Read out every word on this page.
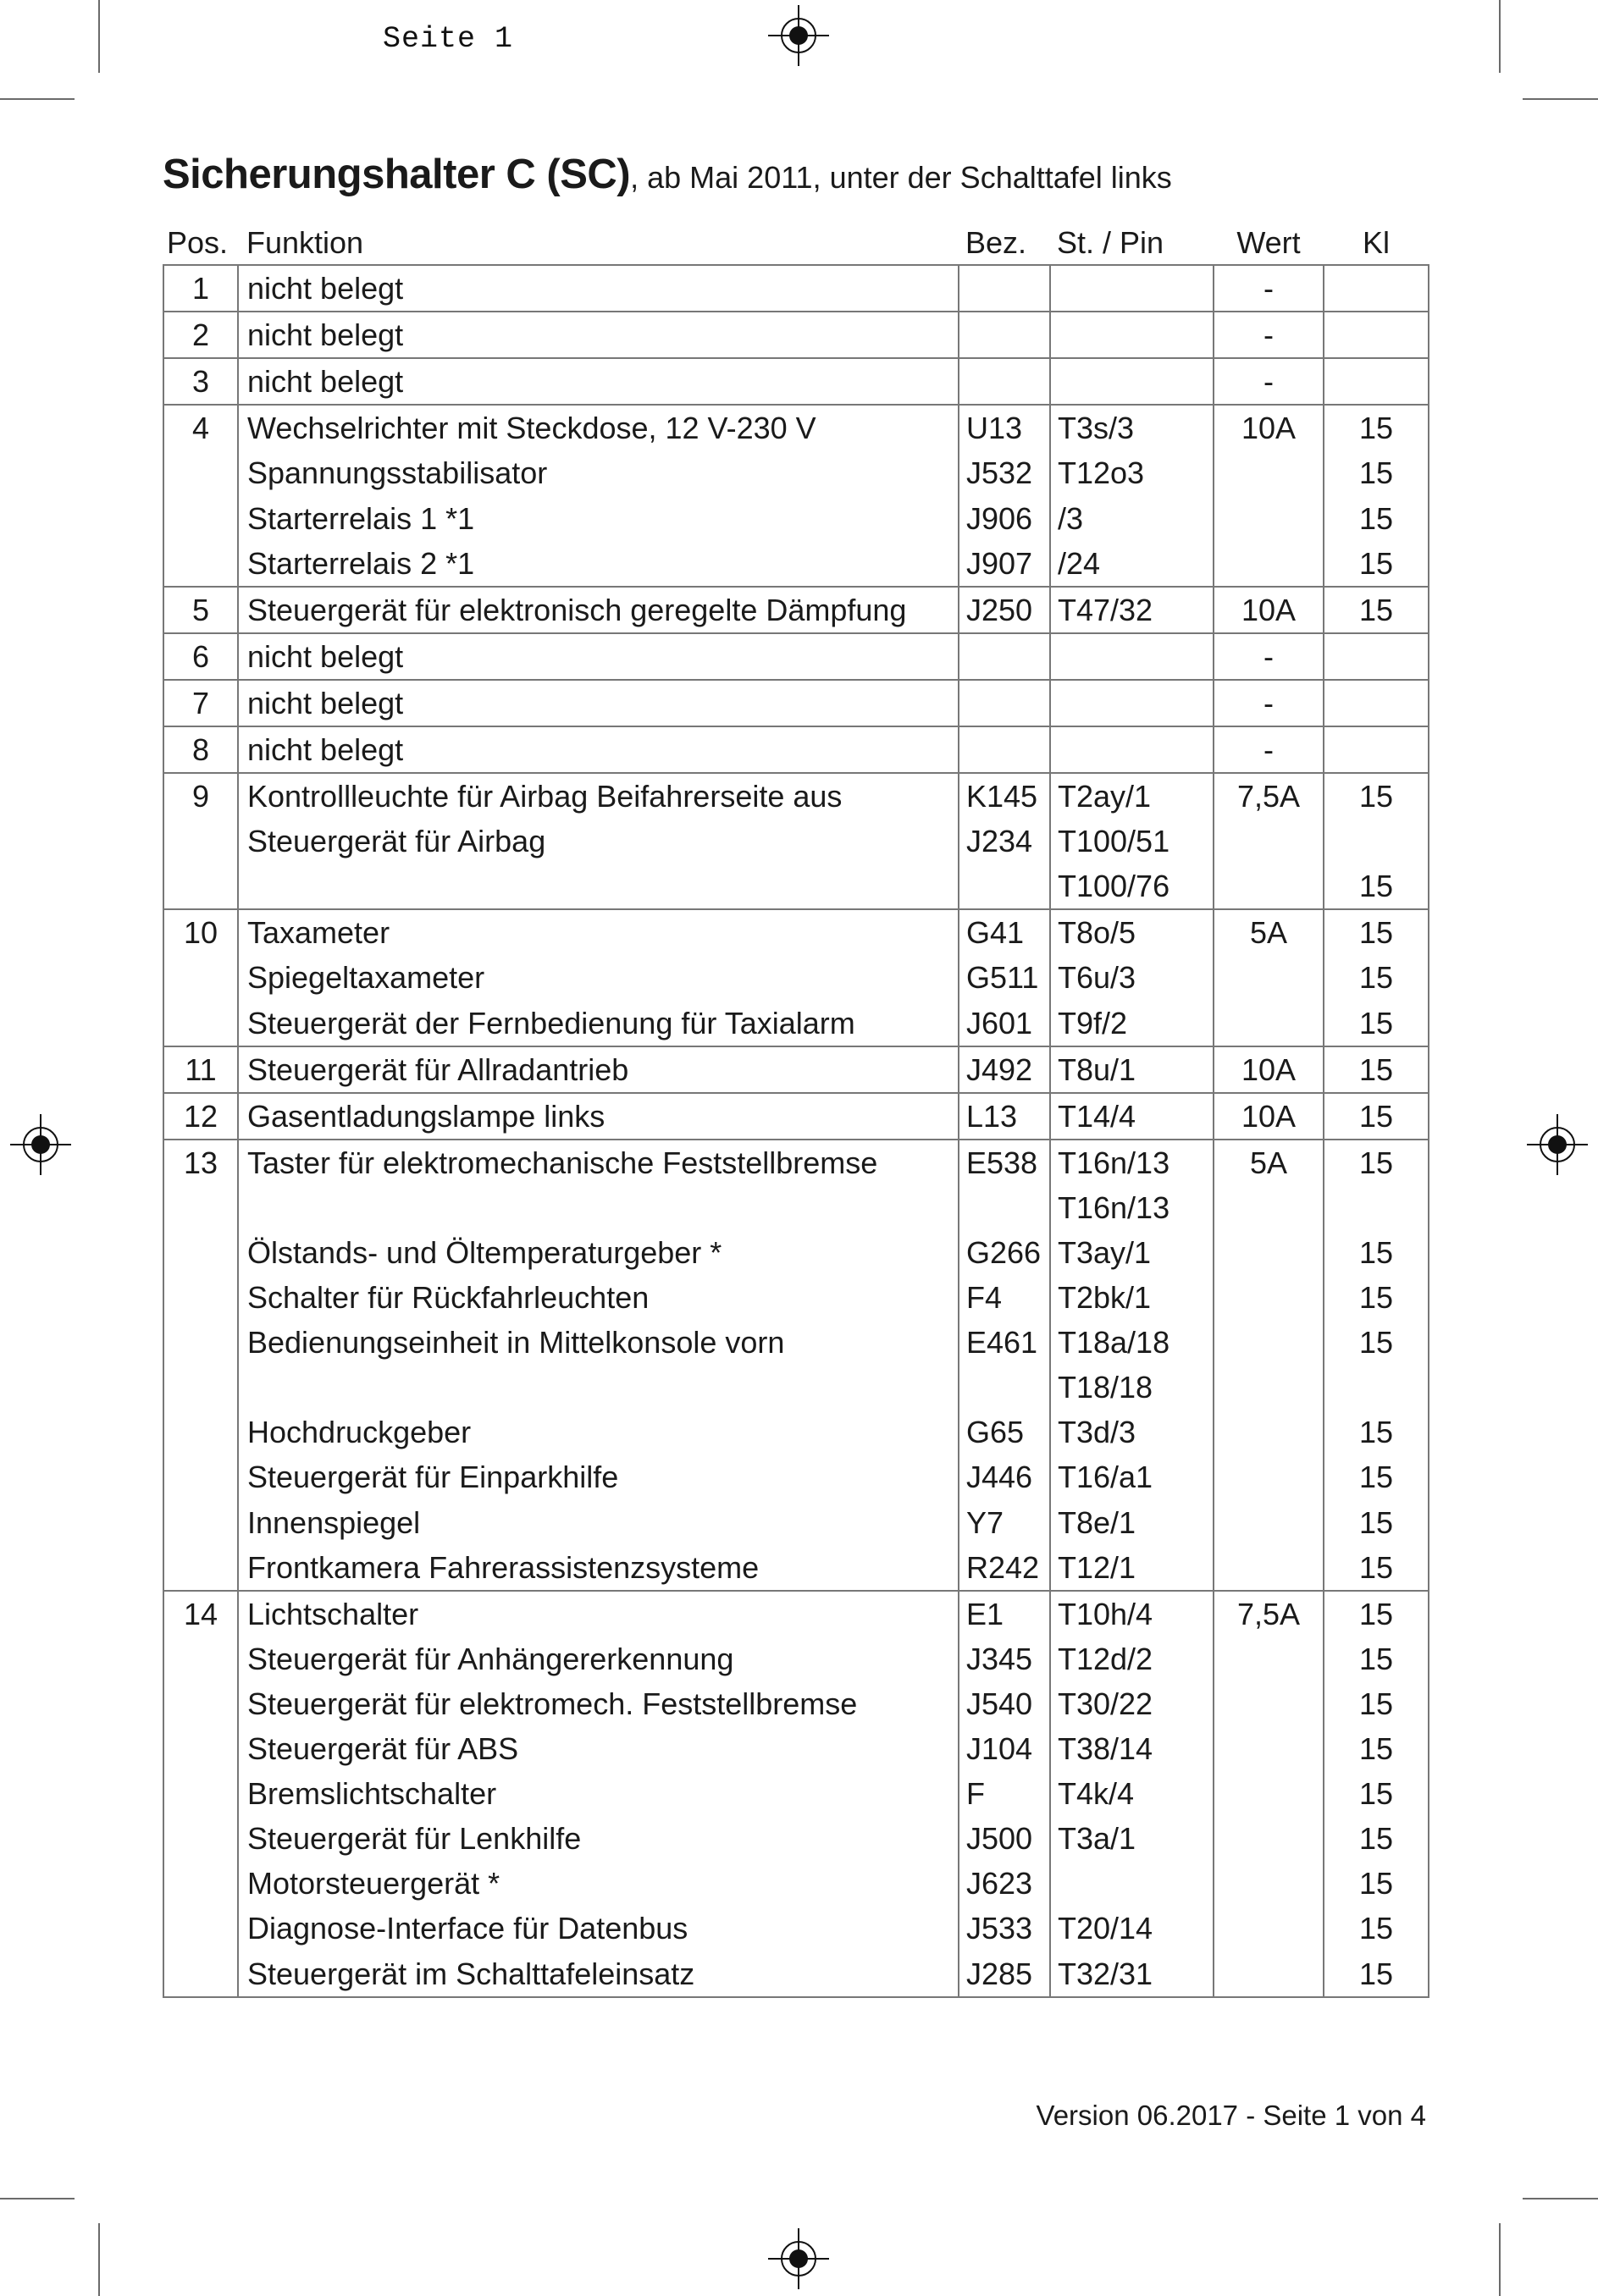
Seite 1
Sicherungshalter C (SC), ab Mai 2011, unter der Schalttafel links
Pos.	Funktion	Bez.	St. / Pin	Wert	Kl
1	nicht belegt			-	
2	nicht belegt			-	
3	nicht belegt			-	
4	Wechselrichter mit Steckdose, 12 V-230 V	U13	T3s/3	10A	15
	Spannungsstabilisator	J532	T12o3		15
	Starterrelais 1 *1	J906	/3		15
	Starterrelais 2 *1	J907	/24		15
5	Steuergerät für elektronisch geregelte Dämpfung	J250	T47/32	10A	15
6	nicht belegt			-	
7	nicht belegt			-	
8	nicht belegt			-	
9	Kontrollleuchte für Airbag Beifahrerseite aus	K145	T2ay/1	7,5A	15
	Steuergerät für Airbag	J234	T100/51		
			T100/76		15
10	Taxameter	G41	T8o/5	5A	15
	Spiegeltaxameter	G511	T6u/3		15
	Steuergerät der Fernbedienung für Taxialarm	J601	T9f/2		15
11	Steuergerät für Allradantrieb	J492	T8u/1	10A	15
12	Gasentladungslampe links	L13	T14/4	10A	15
13	Taster für elektromechanische Feststellbremse	E538	T16n/13	5A	15
			T16n/13		
	Ölstands- und Öltemperaturgeber *	G266	T3ay/1		15
	Schalter für Rückfahrleuchten	F4	T2bk/1		15
	Bedienungseinheit in Mittelkonsole vorn	E461	T18a/18		15
			T18/18		
	Hochdruckgeber	G65	T3d/3		15
	Steuergerät für Einparkhilfe	J446	T16/a1		15
	Innenspiegel	Y7	T8e/1		15
	Frontkamera Fahrerassistenzsysteme	R242	T12/1		15
14	Lichtschalter	E1	T10h/4	7,5A	15
	Steuergerät für Anhängererkennung	J345	T12d/2		15
	Steuergerät für elektromech. Feststellbremse	J540	T30/22		15
	Steuergerät für ABS	J104	T38/14		15
	Bremslichtschalter	F	T4k/4		15
	Steuergerät für Lenkhilfe	J500	T3a/1		15
	Motorsteuergerät *	J623			15
	Diagnose-Interface für Datenbus	J533	T20/14		15
	Steuergerät im Schalttafeleinsatz	J285	T32/31		15
Version 06.2017 - Seite 1 von 4
